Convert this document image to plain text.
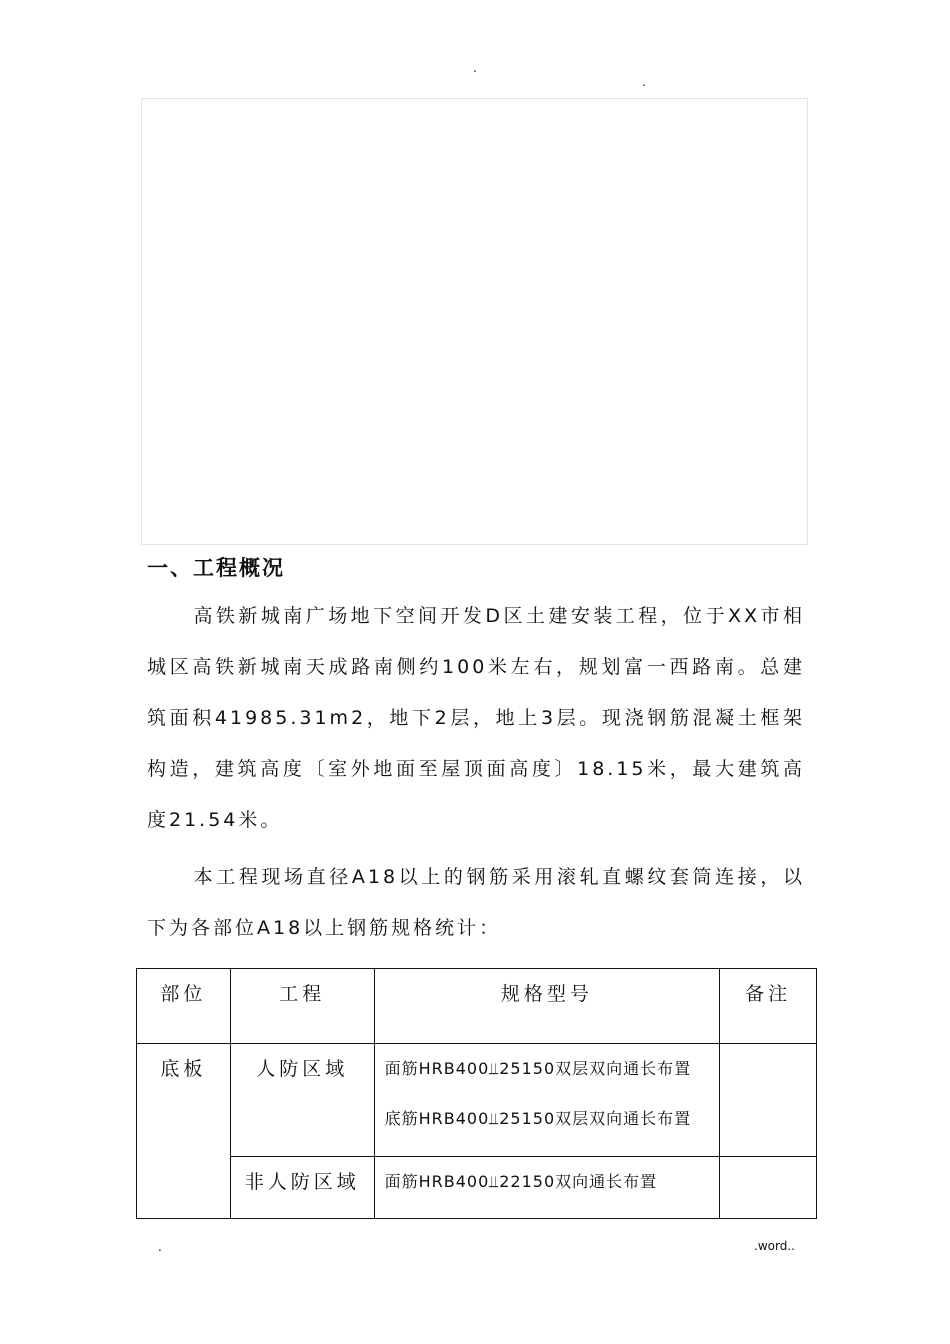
.
.
一、工程概况

高铁新城南广场地下空间开发D区土建安装工程，位于XX市相城区高铁新城南天成路南侧约100米左右，规划富一西路南。总建筑面积41985.31m2，地下2层，地上3层。现浇钢筋混凝土框架构造，建筑高度〔室外地面至屋顶面高度〕18.15米，最大建筑高度21.54米。

本工程现场直径A18以上的钢筋采用滚轧直螺纹套筒连接，以下为各部位A18以上钢筋规格统计：

部位	工程	规格型号	备注
底板	人防区域	面筋HRB400⫫25150双层双向通长布置
底筋HRB400⫫25150双层双向通长布置	

	非人防区域	面筋HRB400⫫22150双向通长布置	

.	.word..
